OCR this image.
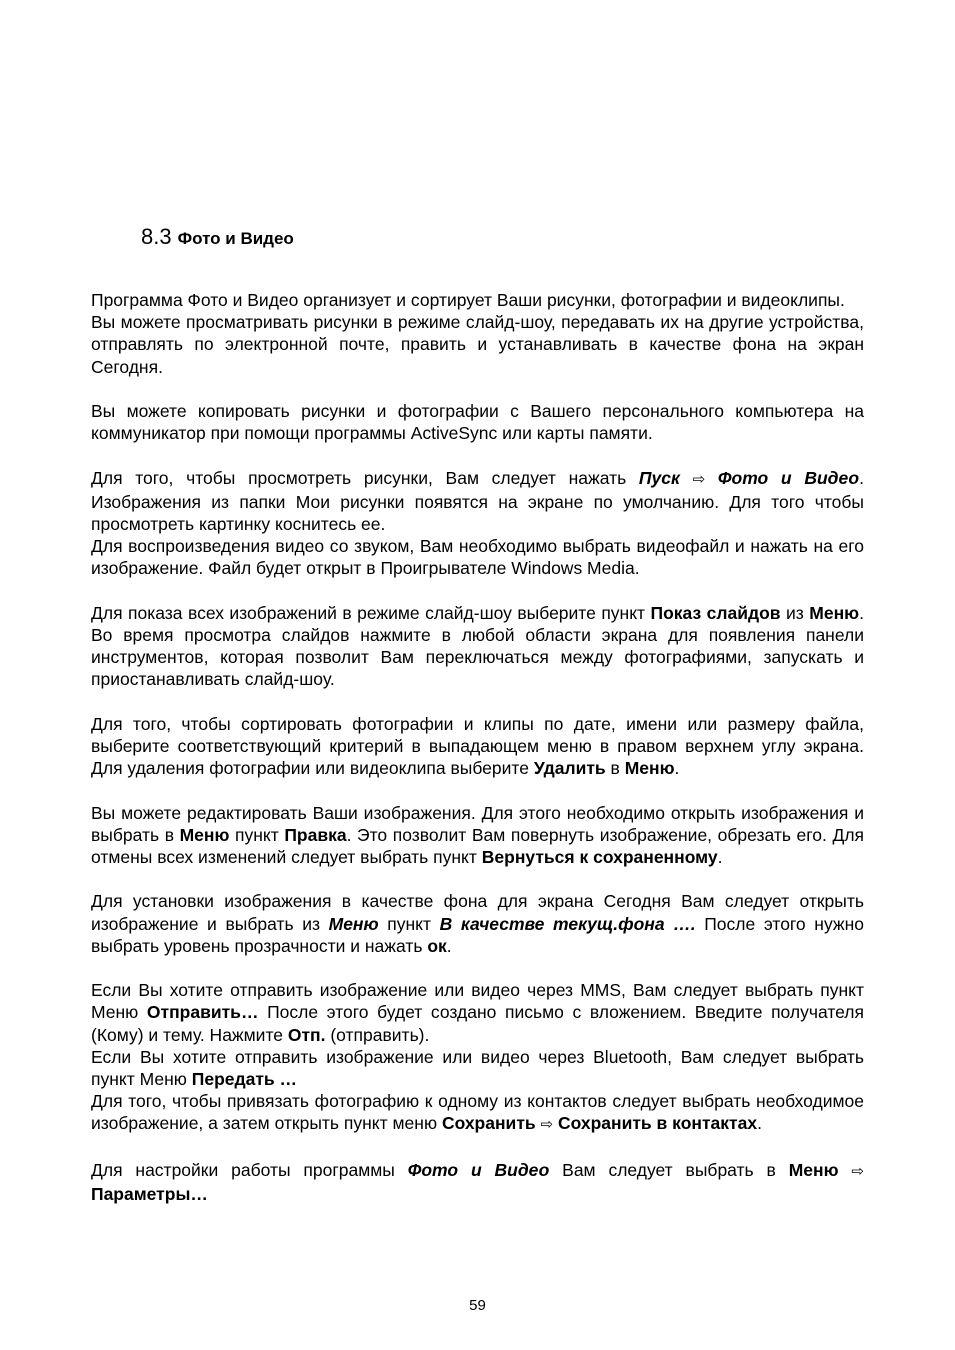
8.3 Фото и Видео

Программа Фото и Видео организует и сортирует Ваши рисунки, фотографии и видеоклипы.

Вы можете просматривать рисунки в режиме слайд-шоу, передавать их на другие устройства, отправлять по электронной почте, править и устанавливать в качестве фона на экран Сегодня.

Вы можете копировать рисунки и фотографии с Вашего персонального компьютера на коммуникатор при помощи программы ActiveSync или карты памяти.

Для того, чтобы просмотреть рисунки, Вам следует нажать Пуск ⇨ Фото и Видео. Изображения из папки Мои рисунки появятся на экране по умолчанию. Для того чтобы просмотреть картинку коснитесь ее.

Для воспроизведения видео со звуком, Вам необходимо выбрать видеофайл и нажать на его изображение. Файл будет открыт в Проигрывателе Windows Media.

Для показа всех изображений в режиме слайд-шоу выберите пункт Показ слайдов из Меню. Во время просмотра слайдов нажмите в любой области экрана для появления панели инструментов, которая позволит Вам переключаться между фотографиями, запускать и приостанавливать слайд-шоу.

Для того, чтобы сортировать фотографии и клипы по дате, имени или размеру файла, выберите соответствующий критерий в выпадающем меню в правом верхнем углу экрана. Для удаления фотографии или видеоклипа выберите Удалить в Меню.

Вы можете редактировать Ваши изображения. Для этого необходимо открыть изображения и выбрать в Меню пункт Правка. Это позволит Вам повернуть изображение, обрезать его. Для отмены всех изменений следует выбрать пункт Вернуться к сохраненному.

Для установки изображения в качестве фона для экрана Сегодня Вам следует открыть изображение и выбрать из Меню пункт В качестве текущ.фона …. После этого нужно выбрать уровень прозрачности и нажать ок.

Если Вы хотите отправить изображение или видео через MMS, Вам следует выбрать пункт Меню Отправить… После этого будет создано письмо с вложением. Введите получателя (Кому) и тему. Нажмите Отп. (отправить).

Если Вы хотите отправить изображение или видео через Bluetooth, Вам следует выбрать пункт Меню Передать …

Для того, чтобы привязать фотографию к одному из контактов следует выбрать необходимое изображение, а затем открыть пункт меню Сохранить ⇨ Сохранить в контактах.

Для настройки работы программы Фото и Видео Вам следует выбрать в Меню ⇨ Параметры…

59
